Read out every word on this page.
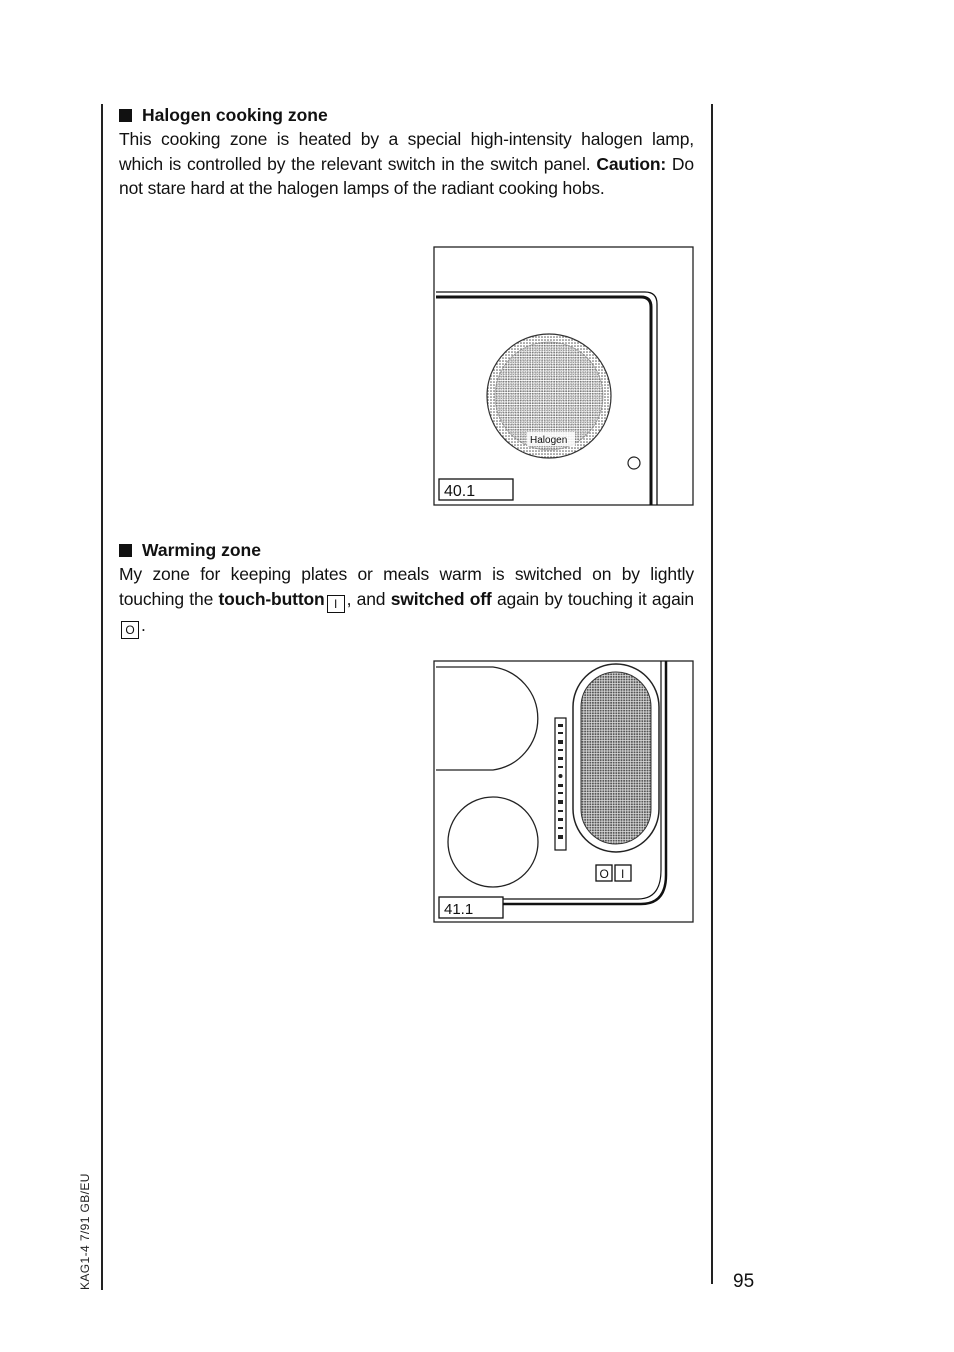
Halogen cooking zone

This cooking zone is heated by a special high-intensity halogen lamp, which is controlled by the relevant switch in the switch panel. Caution: Do not stare hard at the halogen lamps of the radiant cooking hobs.

Halogen
40.1
Warming zone

My zone for keeping plates or meals warm is switched on by lightly touching the touch-button I , and switched off again by touching it again O .

O I
41.1
KAG1-4 7/91 GB/EU	95
